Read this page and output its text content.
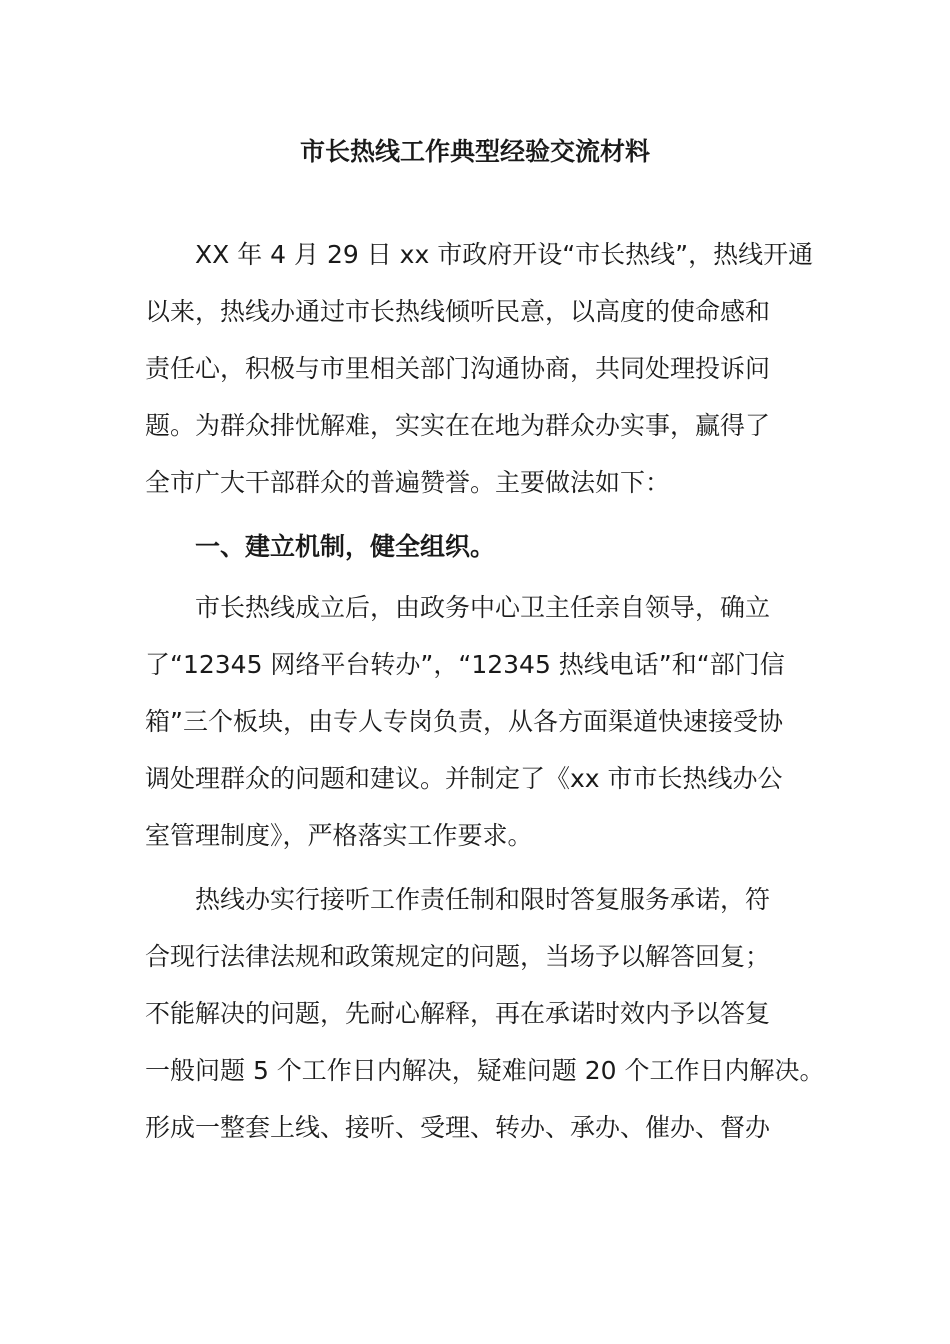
市长热线工作典型经验交流材料
XX 年 4 月 29 日 xx 市政府开设“市长热线”，热线开通
以来，热线办通过市长热线倾听民意，以高度的使命感和
责任心，积极与市里相关部门沟通协商，共同处理投诉问
题。为群众排忧解难，实实在在地为群众办实事，赢得了
全市广大干部群众的普遍赞誉。主要做法如下：
一、建立机制，健全组织。
市长热线成立后，由政务中心卫主任亲自领导，确立
了“12345 网络平台转办”，“12345 热线电话”和“部门信
箱”三个板块，由专人专岗负责，从各方面渠道快速接受协
调处理群众的问题和建议。并制定了《xx 市市长热线办公
室管理制度》，严格落实工作要求。
热线办实行接听工作责任制和限时答复服务承诺，符
合现行法律法规和政策规定的问题，当场予以解答回复；
不能解决的问题，先耐心解释，再在承诺时效内予以答复
一般问题 5 个工作日内解决，疑难问题 20 个工作日内解决。
形成一整套上线、接听、受理、转办、承办、催办、督办
